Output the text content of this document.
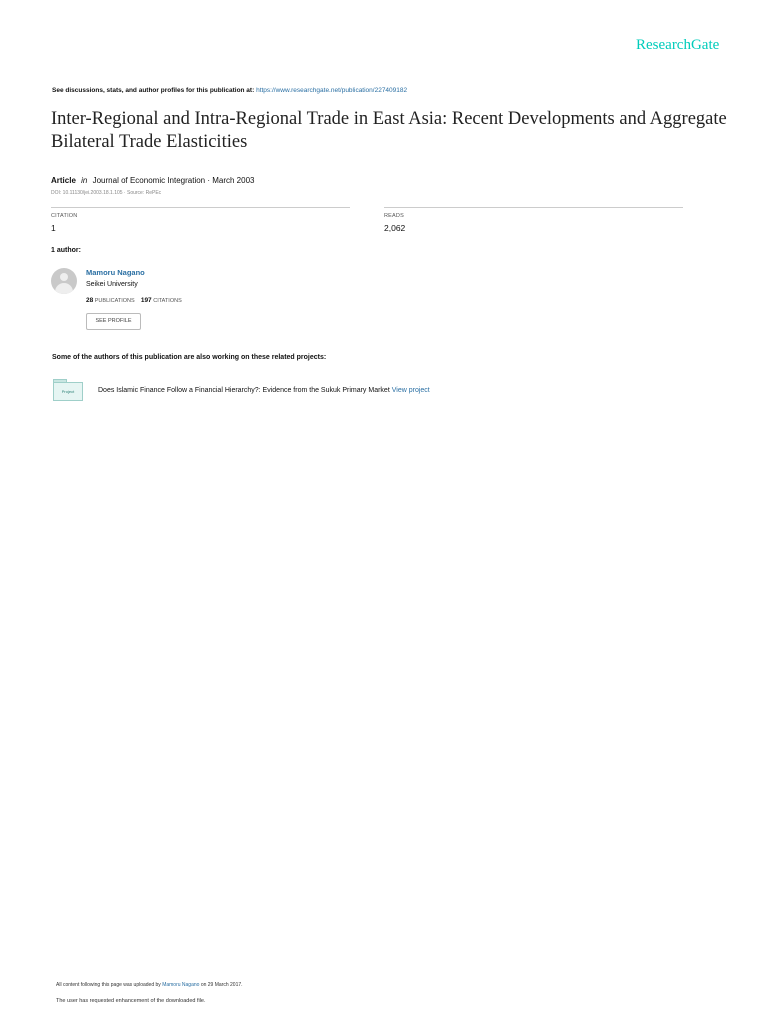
ResearchGate
See discussions, stats, and author profiles for this publication at: https://www.researchgate.net/publication/227409182
Inter-Regional and Intra-Regional Trade in East Asia: Recent Developments and Aggregate Bilateral Trade Elasticities
Article in Journal of Economic Integration · March 2003
DOI: 10.11130/jei.2003.18.1.105 · Source: RePEc
CITATION
1
READS
2,062
1 author:
Mamoru Nagano
Seikei University
28 PUBLICATIONS 197 CITATIONS
SEE PROFILE
Some of the authors of this publication are also working on these related projects:
Project	Does Islamic Finance Follow a Financial Hierarchy?: Evidence from the Sukuk Primary Market View project
All content following this page was uploaded by Mamoru Nagano on 29 March 2017.
The user has requested enhancement of the downloaded file.
